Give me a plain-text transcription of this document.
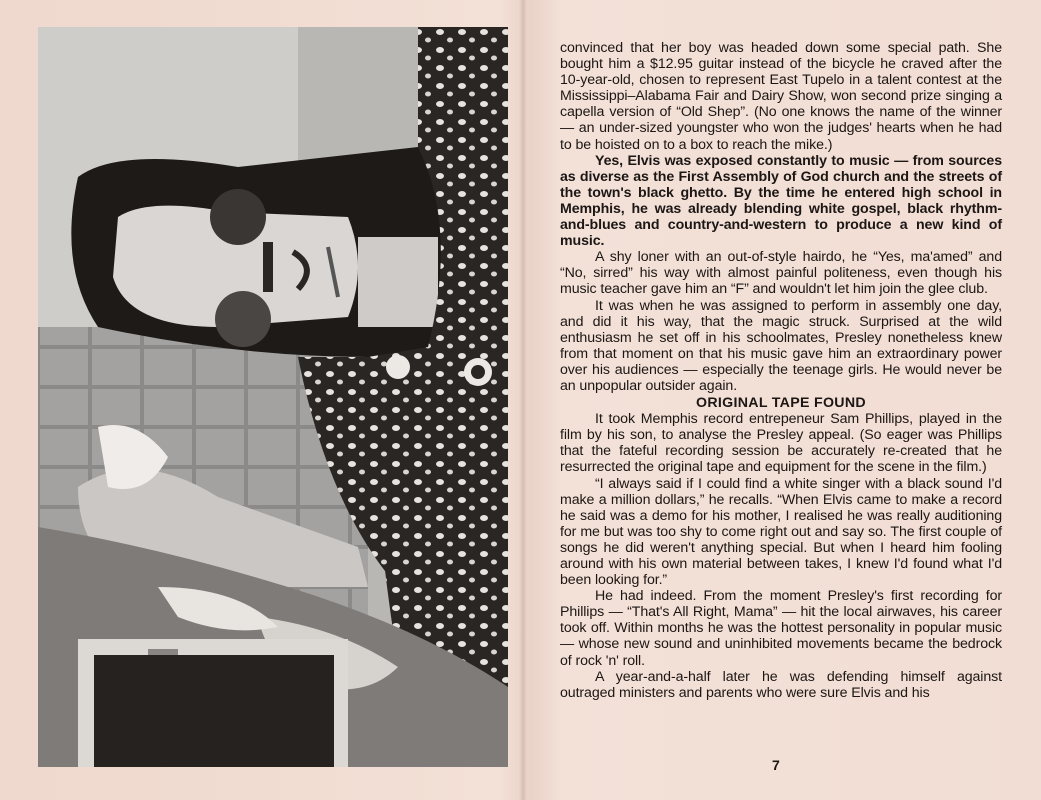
convinced that her boy was headed down some special path. She bought him a $12.95 guitar instead of the bicycle he craved after the 10-year-old, chosen to represent East Tupelo in a talent contest at the Mississippi–Alabama Fair and Dairy Show, won second prize singing a capella version of “Old Shep”. (No one knows the name of the winner — an under-sized youngster who won the judges' hearts when he had to be hoisted on to a box to reach the mike.)

Yes, Elvis was exposed constantly to music — from sources as diverse as the First Assembly of God church and the streets of the town's black ghetto. By the time he entered high school in Memphis, he was already blending white gospel, black rhythm-and-blues and country-and-western to produce a new kind of music.

A shy loner with an out-of-style hairdo, he “Yes, ma'amed” and “No, sirred” his way with almost painful politeness, even though his music teacher gave him an “F” and wouldn't let him join the glee club.

It was when he was assigned to perform in assembly one day, and did it his way, that the magic struck. Surprised at the wild enthusiasm he set off in his schoolmates, Presley nonetheless knew from that moment on that his music gave him an extraordinary power over his audiences — especially the teenage girls. He would never be an unpopular outsider again.

ORIGINAL TAPE FOUND

It took Memphis record entrepeneur Sam Phillips, played in the film by his son, to analyse the Presley appeal. (So eager was Phillips that the fateful recording session be accurately re-created that he resurrected the original tape and equipment for the scene in the film.)

“I always said if I could find a white singer with a black sound I'd make a million dollars,” he recalls. “When Elvis came to make a record he said was a demo for his mother, I realised he was really auditioning for me but was too shy to come right out and say so. The first couple of songs he did weren't anything special. But when I heard him fooling around with his own material between takes, I knew I'd found what I'd been looking for.”

He had indeed. From the moment Presley's first recording for Phillips — “That's All Right, Mama” — hit the local airwaves, his career took off. Within months he was the hottest personality in popular music — whose new sound and uninhibited movements became the bedrock of rock 'n' roll.

A year-and-a-half later he was defending himself against outraged ministers and parents who were sure Elvis and his

7
